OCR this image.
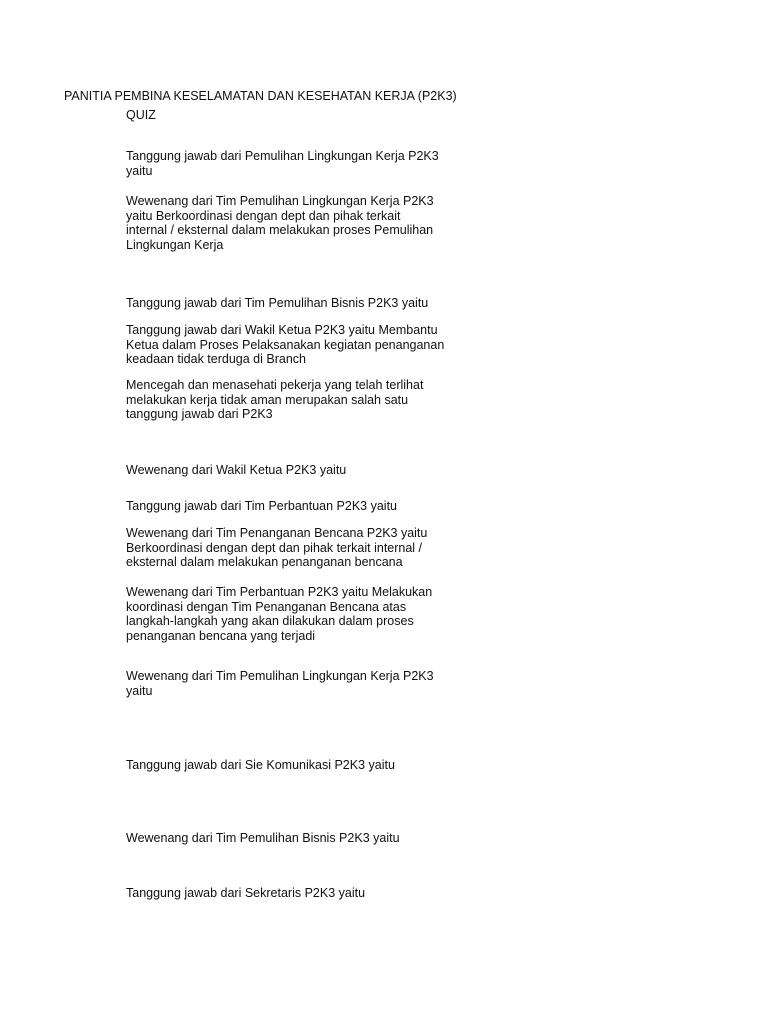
PANITIA PEMBINA KESELAMATAN DAN KESEHATAN KERJA (P2K3)
QUIZ
Tanggung jawab dari Pemulihan Lingkungan Kerja P2K3
yaitu
Wewenang dari Tim Pemulihan Lingkungan Kerja P2K3
yaitu Berkoordinasi dengan dept dan pihak terkait
internal / eksternal dalam melakukan proses Pemulihan
Lingkungan Kerja
Tanggung jawab dari Tim Pemulihan Bisnis P2K3 yaitu
Tanggung jawab dari Wakil Ketua P2K3 yaitu Membantu
Ketua dalam Proses Pelaksanakan kegiatan penanganan
keadaan tidak terduga di Branch
Mencegah dan menasehati pekerja yang telah terlihat
melakukan kerja tidak aman merupakan salah satu
tanggung jawab dari P2K3
Wewenang dari Wakil Ketua P2K3 yaitu
Tanggung jawab dari Tim Perbantuan P2K3 yaitu
Wewenang dari Tim Penanganan Bencana P2K3 yaitu
Berkoordinasi dengan dept dan pihak terkait internal /
eksternal dalam melakukan penanganan bencana
Wewenang dari Tim Perbantuan P2K3 yaitu Melakukan
koordinasi dengan Tim Penanganan Bencana atas
langkah-langkah yang akan dilakukan dalam proses
penanganan bencana yang terjadi
Wewenang dari Tim Pemulihan Lingkungan Kerja P2K3
yaitu
Tanggung jawab dari Sie Komunikasi P2K3 yaitu
Wewenang dari Tim Pemulihan Bisnis P2K3 yaitu
Tanggung jawab dari Sekretaris P2K3 yaitu
